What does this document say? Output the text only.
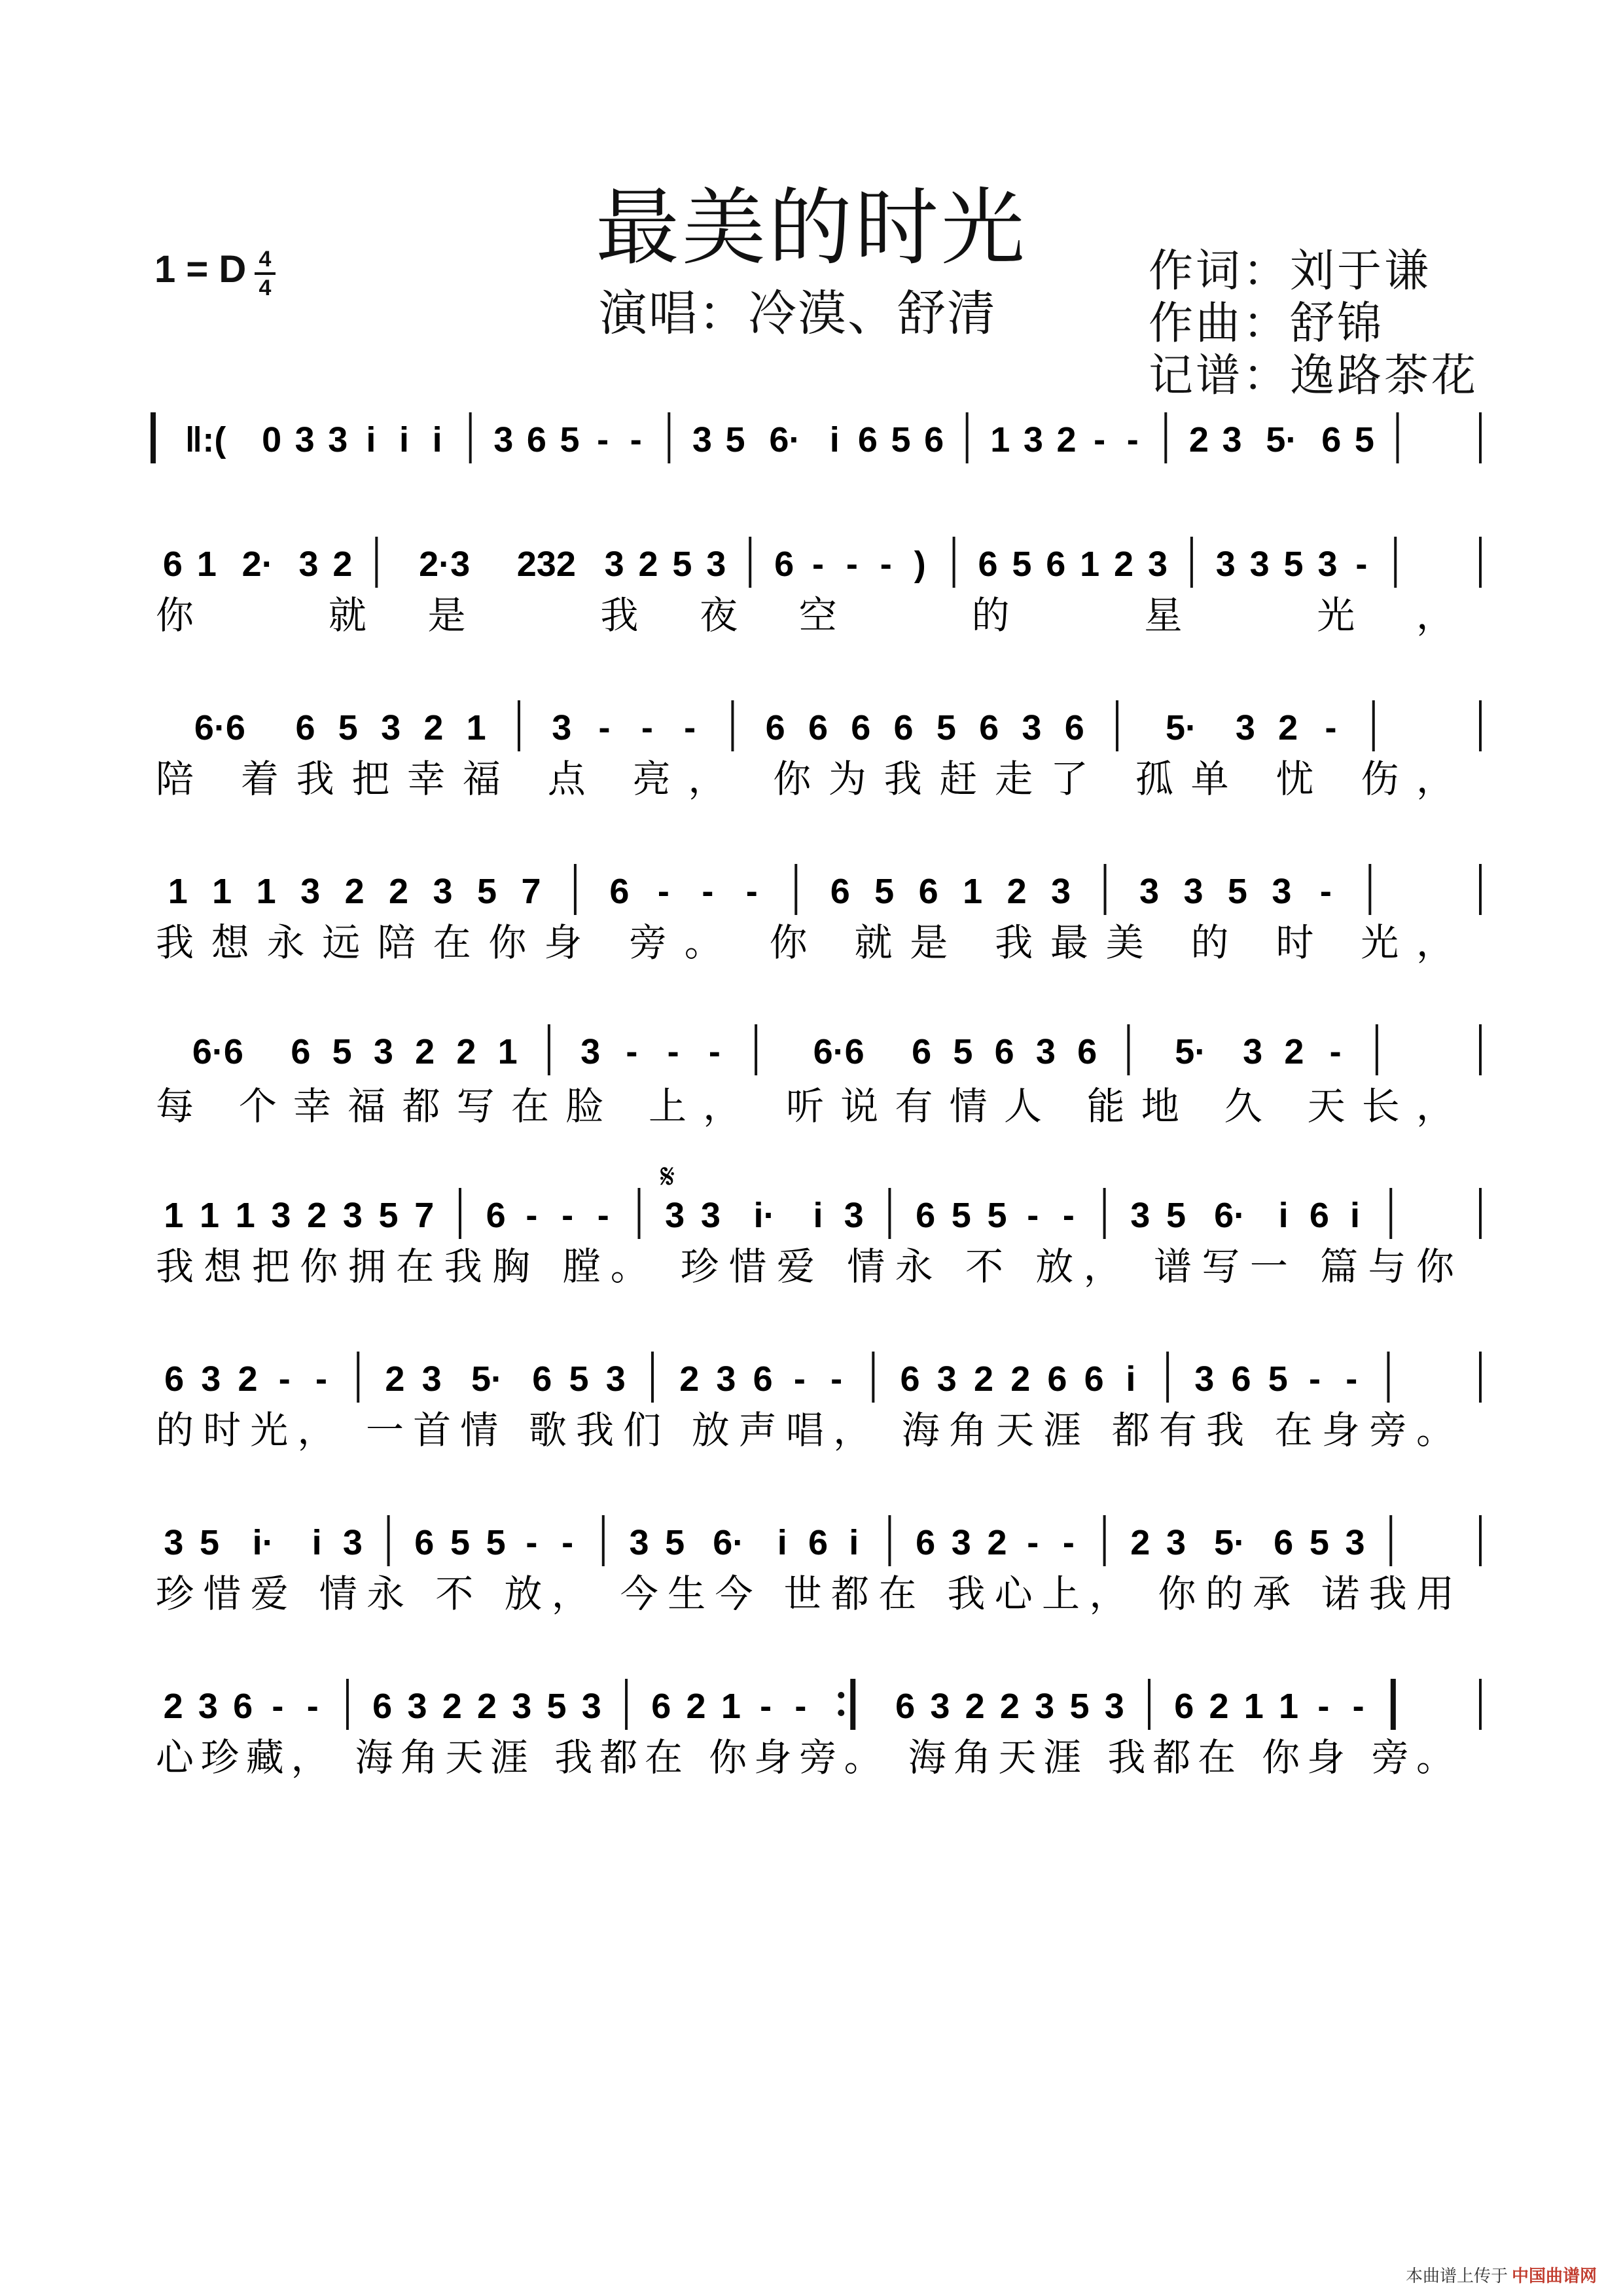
最美的时光
1 = D 4
4	演唱：冷漠、舒清
作词：刘于谦
作曲：舒锦
记谱：逸路茶花
‖:( 0 3 3 i i i 3 6 5 - - 3 5 6· i 6 5 6 1 3 2 - - 2 3 5· 6 5
6 1 2· 3 2 2·3 232 3 2 5 3 6 - - - ) 6 5 6 1 2 3 3 3 5 3 -
你 就是 我夜空 的 星 光，
6·6 6 5 3 2 1 3 - - - 6 6 6 6 5 6 3 6 5· 3 2 -
陪 着我把幸福 点 亮， 你为我赶走了 孤单 忧 伤，
1 1 1 3 2 2 3 5 7 6 - - - 6 5 6 1 2 3 3 3 5 3 -
我想永远陪在你身 旁。 你 就是 我最美 的 时 光，
6·6 6 5 3 2 2 1 3 - - -	6·6 6 5 6 3 6 5· 3 2 -
每 个幸福都写在脸 上， 听说有情人 能地 久 天长，
1 1 1 3 2 3 5 7 6 - - - 3 3 i· i 3 6 5 5 - - 3 5 6· i 6 i
我想把你拥在我胸 膛。 珍惜爱 情永 不 放， 谱写一 篇与你
6 3 2 - - 2 3 5· 6 5 3 2 3 6 - - 6 3 2 2 6 6 i 3 6 5 - -
的时光， 一首情 歌我们 放声唱， 海角天涯 都有我 在身旁。
3 5 i· i 3 6 5 5 - - 3 5 6· i 6 i 6 3 2 - - 2 3 5· 6 5 3
珍惜爱 情永 不 放， 今生今 世都在 我心上， 你的承 诺我用
2 3 6 - - 6 3 2 2 3 5 3 6 2 1 - -	6 3 2 2 3 5 3 6 2 1 1 - -
心珍藏， 海角天涯 我都在 你身旁。 海角天涯 我都在 你身 旁。
𝄋
本曲谱上传于 中国曲谱网
